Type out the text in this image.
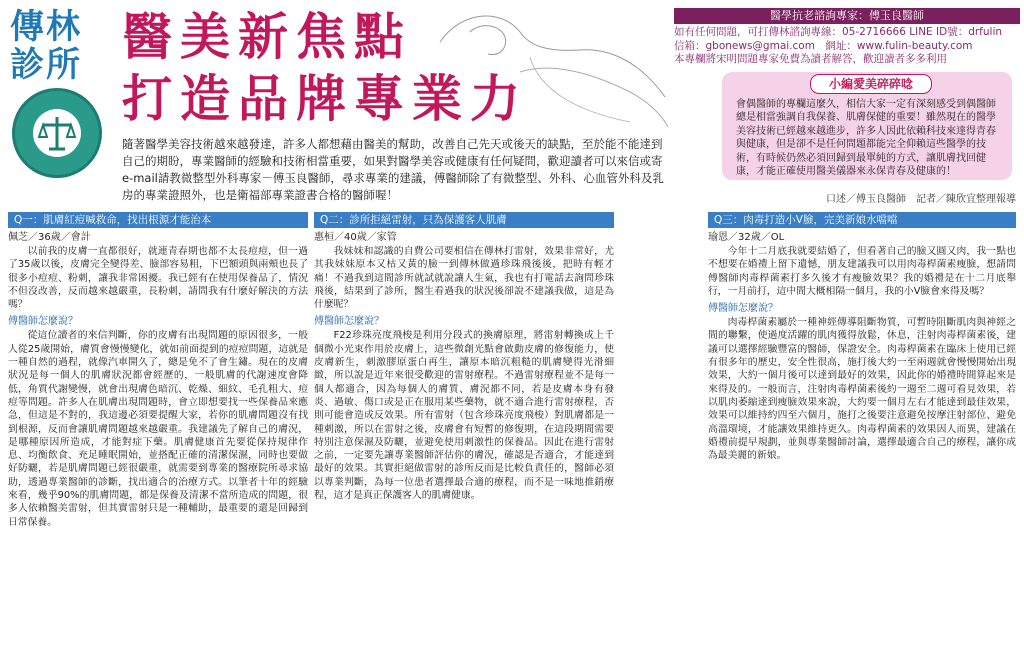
傳林診所 醫美新焦點
打造品牌專業力
隨著醫學美容技術越來越發達，許多人都想藉由醫美的幫助，改善自己先天或後天的缺點，至於能不能達到自己的期盼，專業醫師的經驗和技術相當重要，如果對醫學美容或健康有任何疑問，歡迎讀者可以來信或寄e-mail請教微整型外科專家－傅玉良醫師，尋求專業的建議，傅醫師除了有微整型、外科、心血管外科及乳房的專業證照外，也是衛福部專業證書合格的醫師喔！
醫學抗老諮詢專家：傅玉良醫師
如有任何問題，可打傳林諮詢專線：05-2716666 LINE ID號：drfulin
信箱：gbonews@gmai.com　網址：www.fulin-beauty.com
本專欄將宋明問題專家免費為讀者解答，歡迎讀者多多利用
小編愛美碎碎唸
會偶醫師的專欄這麼久，相信大家一定有深刻感受到偶醫師總是相當強調自我保養、肌膚保健的重要！雖然現在的醫學美容技術已經越來越進步，許多人因此依賴科技來達得青春與健康，但是卻不是任何問題都能完全仰賴這些醫學的技術，有時候仍然必須回歸到最單純的方式，讓肌膚找回健康，才能正確使用醫美儀器來永保青春及健康的！
口述／傅玉良醫師　記者／陳欣宜整理報導
Q一：肌膚紅痘喊救命，找出根源才能治本
佩芝／36歲／會計
以前我的皮膚一直都很好，就連青春期也都不太長痘痘，但一過了35歲以後，皮膚完全變得差、臉部容易粗，下巴額頭與兩頰也長了很多小痘痘、粉刺，讓我非常困擾。我已經有在使用保養品了，情況不但沒改善，反而越來越嚴重，長粉刺，請問我有什麼好解決的方法嗎？
傅醫師怎麼說？
從這位讀者的來信判斷，你的皮膚有出現問題的原因很多，一般人從25歲開始，膚質會慢慢變化，就如前面提到的痘痘問題，這就是一種自然的過程，就像汽車開久了，總是免不了會生鏽。現在的皮膚狀況是每一個人的肌膚狀況都會經歷的，一般肌膚的代謝速度會降低，角質代謝變慢，就會出現膚色暗沉、乾燥、細紋、毛孔粗大、痘痘等問題。許多人在肌膚出現問題時，會立即想要找一些保養品來應急，但這是不對的，我這邊必須要提醒大家，若你的肌膚問題沒有找到根源，反而會讓肌膚問題越來越嚴重。我建議先了解自己的膚況，是哪種原因所造成，才能對症下藥。肌膚健康首先要從保持規律作息、均衡飲食、充足睡眠開始，並搭配正確的清潔保濕，同時也要做好防曬，若是肌膚問題已經很嚴重，就需要到專業的醫療院所尋求協助，透過專業醫師的診斷，找出適合的治療方式。以筆者十年的經驗來看，幾乎90%的肌膚問題，都是保養及清潔不當所造成的問題，很多人依賴醫美雷射，但其實雷射只是一種輔助，最重要的還是回歸到日常保養。
Q二：診所拒絕雷射，只為保護客人肌膚
惠桓／40歲／家管
我妹妹和認識的自費公司要相信在傳林打雷射，效果非常好，尤其我妹妹原本又枯又黃的臉一到傳林做過珍珠飛後後，把時有輕才痛！不過我到這間診所就試就說讓人生氣，我也有打電話去詢問珍珠飛後，結果到了診所，醫生看過我的狀況後卻說不建議我做，這是為什麼呢？
傅醫師怎麼說？
F22珍珠亮度飛梭是利用分段式的換膚原理，將雷射轉換成上千個微小光束作用於皮膚上，這些微創光點會啟動皮膚的修復能力，使皮膚新生，刺激膠原蛋白再生，讓原本暗沉粗糙的肌膚變得光滑細緻，所以說是近年來很受歡迎的雷射療程。不過雷射療程並不是每一個人都適合，因為每個人的膚質、膚況都不同，若是皮膚本身有發炎、過敏、傷口或是正在服用某些藥物，就不適合進行雷射療程，否則可能會造成反效果。所有雷射（包含珍珠亮度飛梭）對肌膚都是一種刺激，所以在雷射之後，皮膚會有短暫的修復期，在這段期間需要特別注意保濕及防曬，並避免使用刺激性的保養品。因此在進行雷射之前，一定要先讓專業醫師評估你的膚況，確認是否適合，才能達到最好的效果。其實拒絕做雷射的診所反而是比較負責任的，醫師必須以專業判斷，為每一位患者選擇最合適的療程，而不是一味地推銷療程，這才是真正保護客人的肌膚健康。
Q三：肉毒打造小Ⅴ臉，完美新娘水噹噹
瑜恩／32歲／OL
今年十二月底我就要結婚了，但看著自己的臉又圓又肉，我一點也不想要在婚禮上留下遺憾，朋友建議我可以用肉毒桿菌素瘦臉，想請問傅醫師肉毒桿菌素打多久後才有瘦臉效果？我的婚禮是在十二月底舉行，一月前打，這中間大概相隔一個月，我的小V臉會來得及嗎？
傅醫師怎麼說？
肉毒桿菌素屬於一種神經傳導阻斷物質，可暫時阻斷肌肉與神經之間的聯繫，使過度活躍的肌肉獲得放鬆，休息，注射肉毒桿菌素後，建議可以選擇經驗豐富的醫師，保證安全。肉毒桿菌素在臨床上使用已經有很多年的歷史，安全性很高，施打後大約一至兩週就會慢慢開始出現效果，大約一個月後可以達到最好的效果，因此你的婚禮時間算起來是來得及的。一般而言，注射肉毒桿菌素後約一週至二週可看見效果，若以肌肉萎縮達到瘦臉效果來說，大約要一個月左右才能達到最佳效果，效果可以維持約四至六個月，施打之後要注意避免按摩注射部位、避免高溫環境，才能讓效果維持更久。肉毒桿菌素的效果因人而異，建議在婚禮前提早規劃，並與專業醫師討論，選擇最適合自己的療程，讓你成為最美麗的新娘。
